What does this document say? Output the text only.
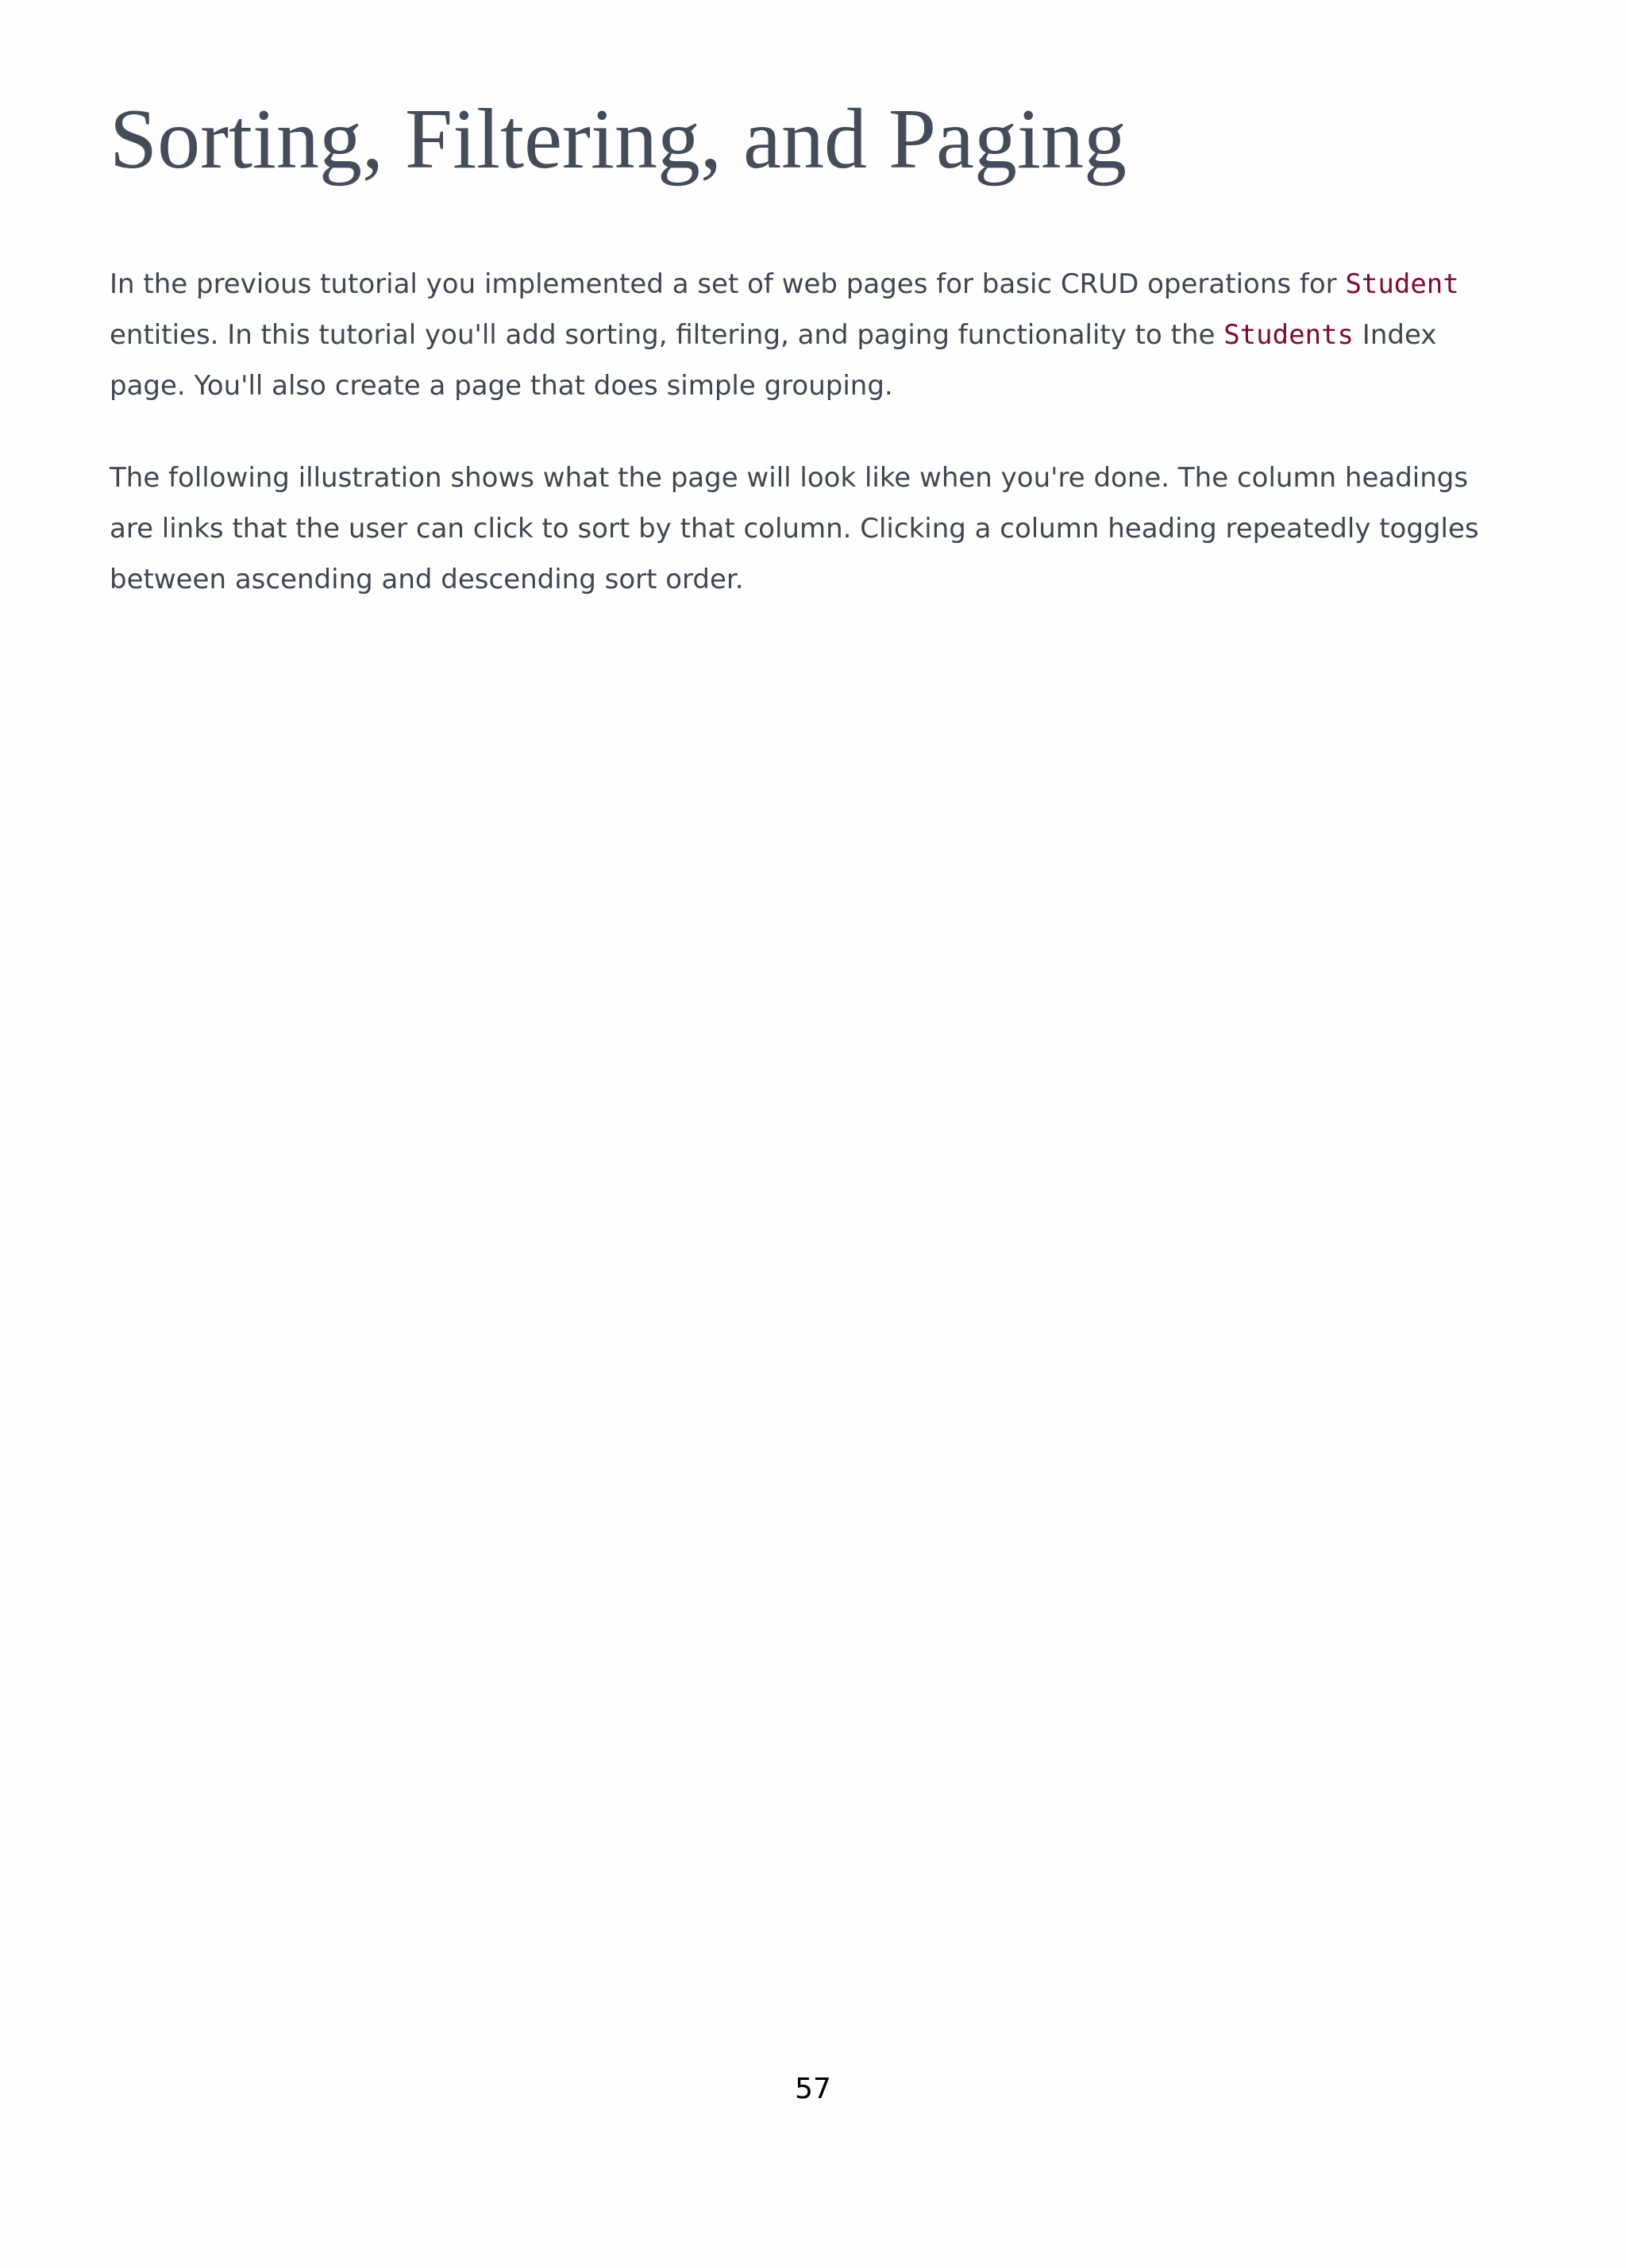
Sorting, Filtering, and Paging

In the previous tutorial you implemented a set of web pages for basic CRUD operations for Student entities. In this tutorial you'll add sorting, filtering, and paging functionality to the Students Index page. You'll also create a page that does simple grouping.

The following illustration shows what the page will look like when you're done. The column headings are links that the user can click to sort by that column. Clicking a column heading repeatedly toggles between ascending and descending sort order.

57
